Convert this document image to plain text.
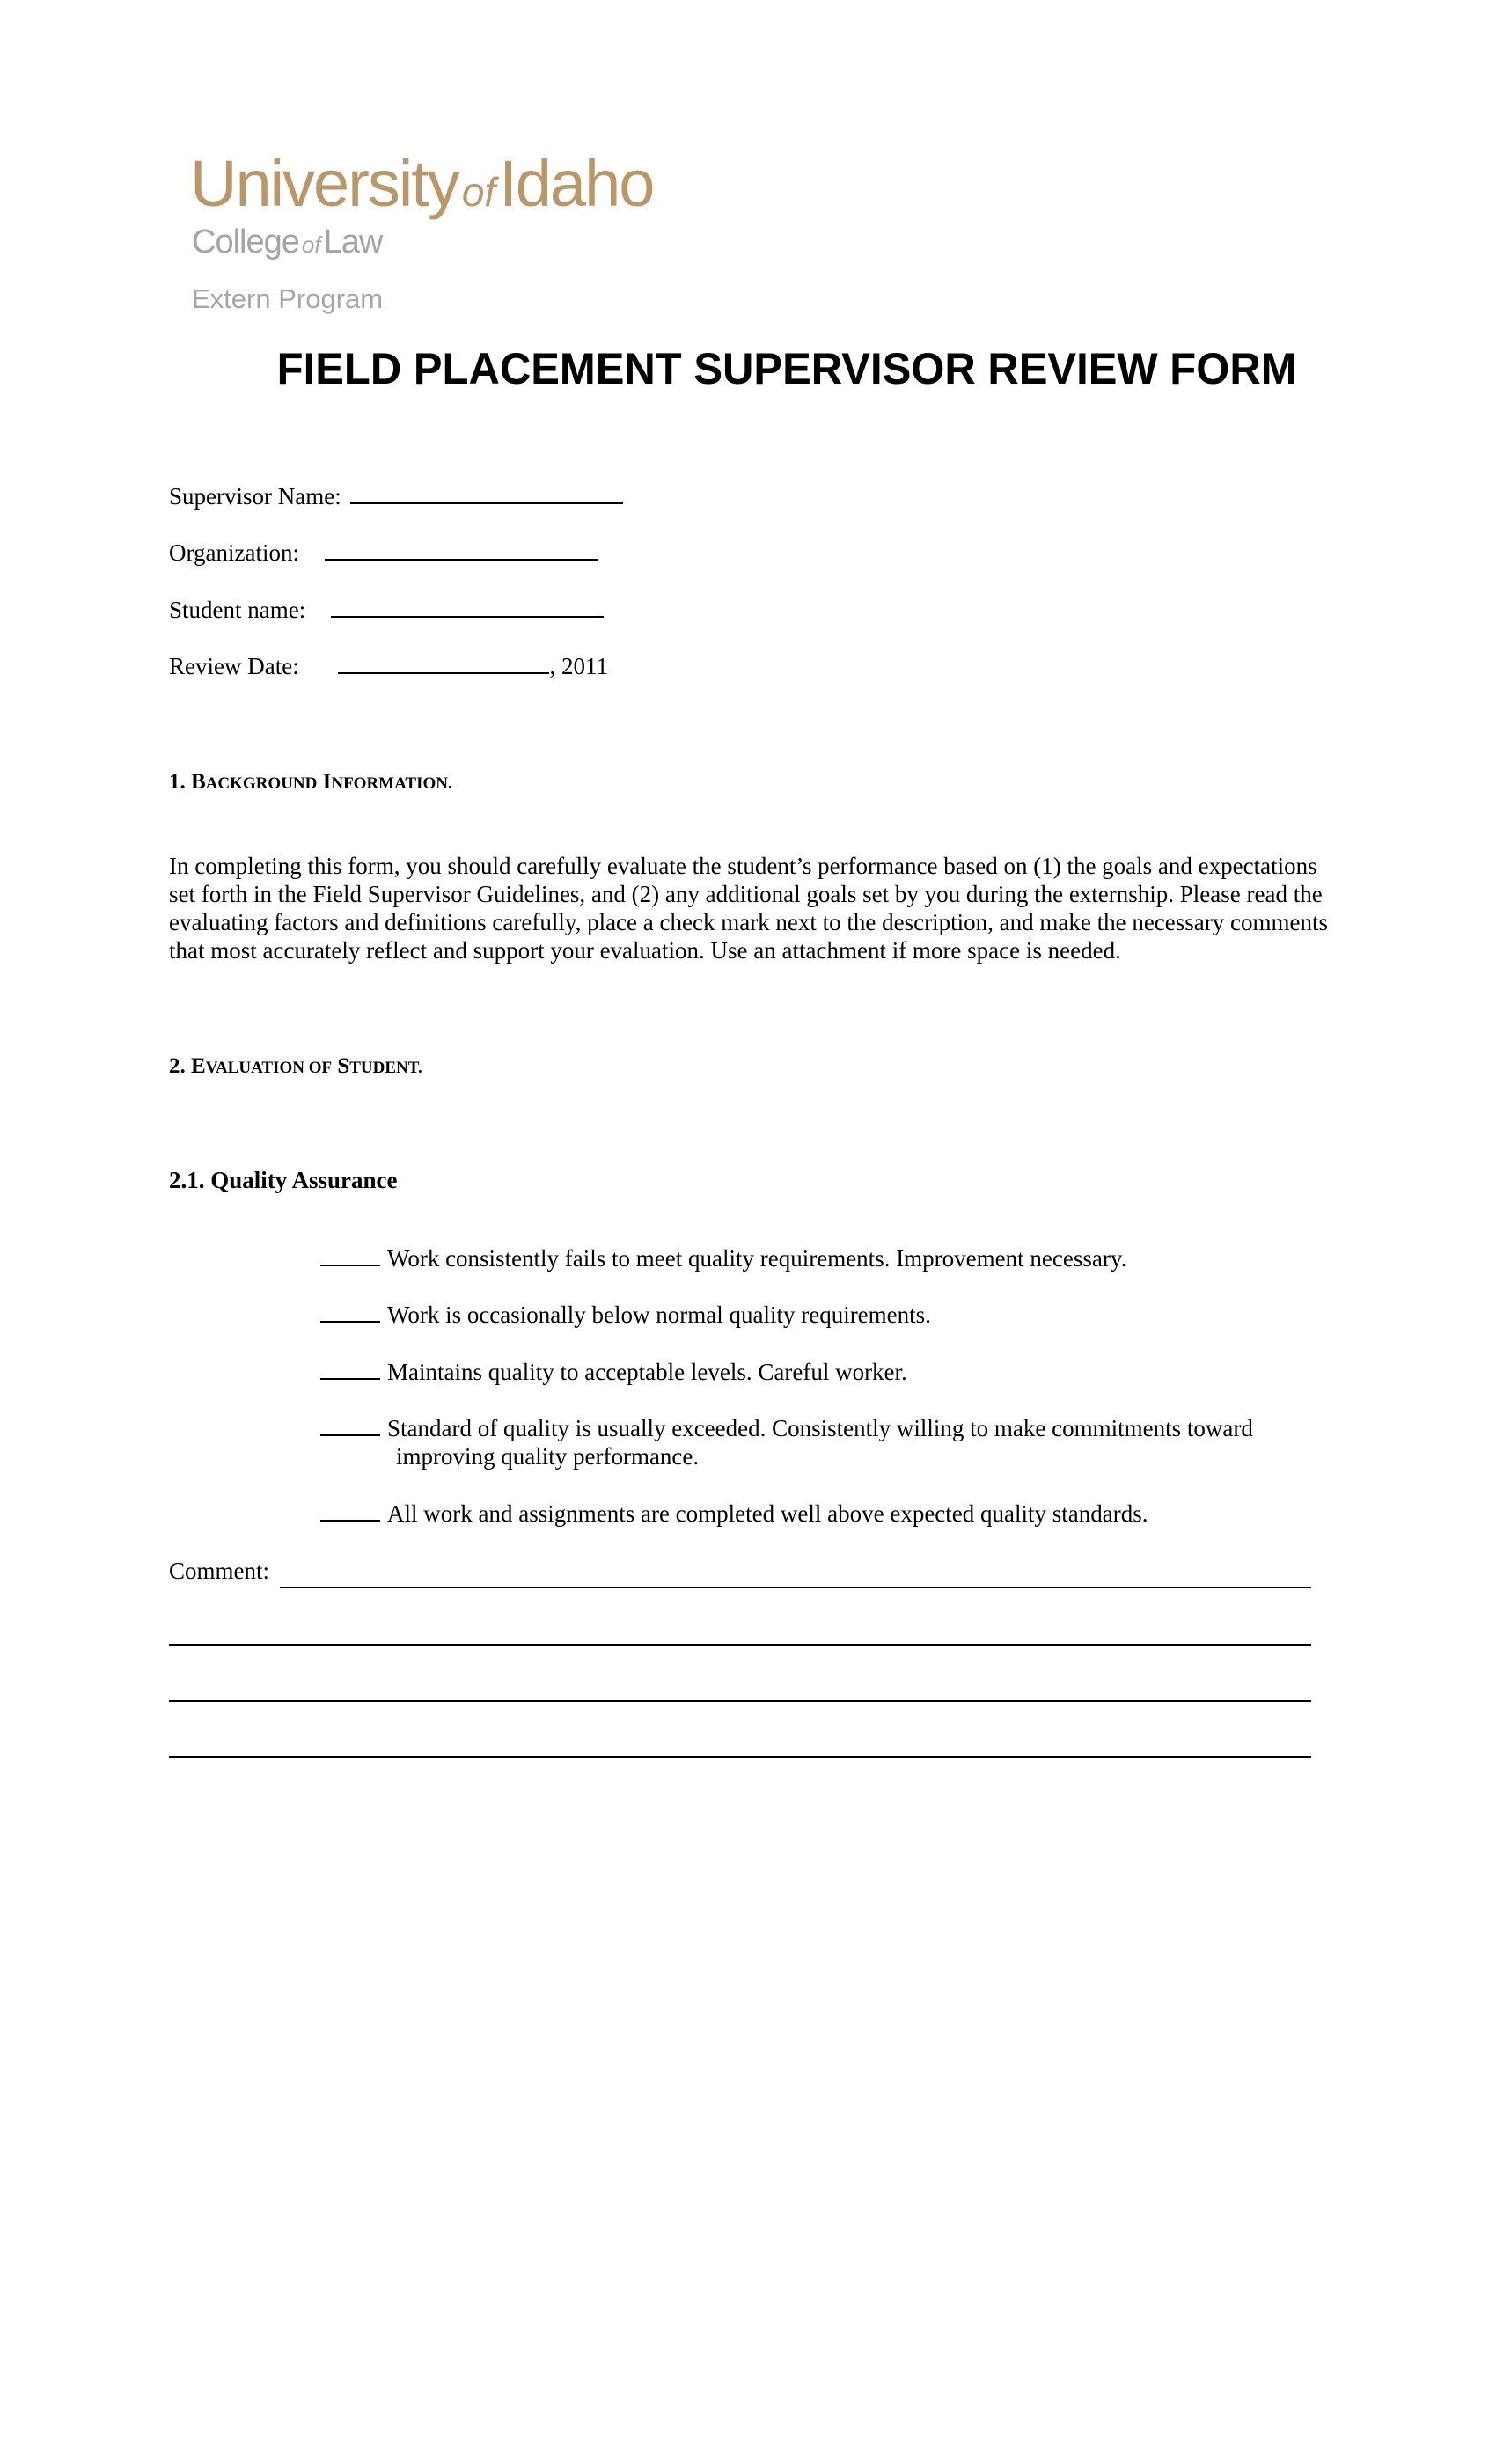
UniversityofIdaho
College ofLaw
Extern Program
FIELD PLACEMENT SUPERVISOR REVIEW FORM
Supervisor Name:
Organization:
Student name:
Review Date:	, 2011
1. BACKGROUND INFORMATION.
In completing this form, you should carefully evaluate the student’s performance based on (1) the goals and expectations
set forth in the Field Supervisor Guidelines, and (2) any additional goals set by you during the externship. Please read the
evaluating factors and definitions carefully, place a check mark next to the description, and make the necessary comments
that most accurately reflect and support your evaluation. Use an attachment if more space is needed.
2. EVALUATION OF STUDENT.
2.1. Quality Assurance
Work consistently fails to meet quality requirements. Improvement necessary.
Work is occasionally below normal quality requirements.
Maintains quality to acceptable levels. Careful worker.
Standard of quality is usually exceeded. Consistently willing to make commitments toward
improving quality performance.
All work and assignments are completed well above expected quality standards.
Comment:
